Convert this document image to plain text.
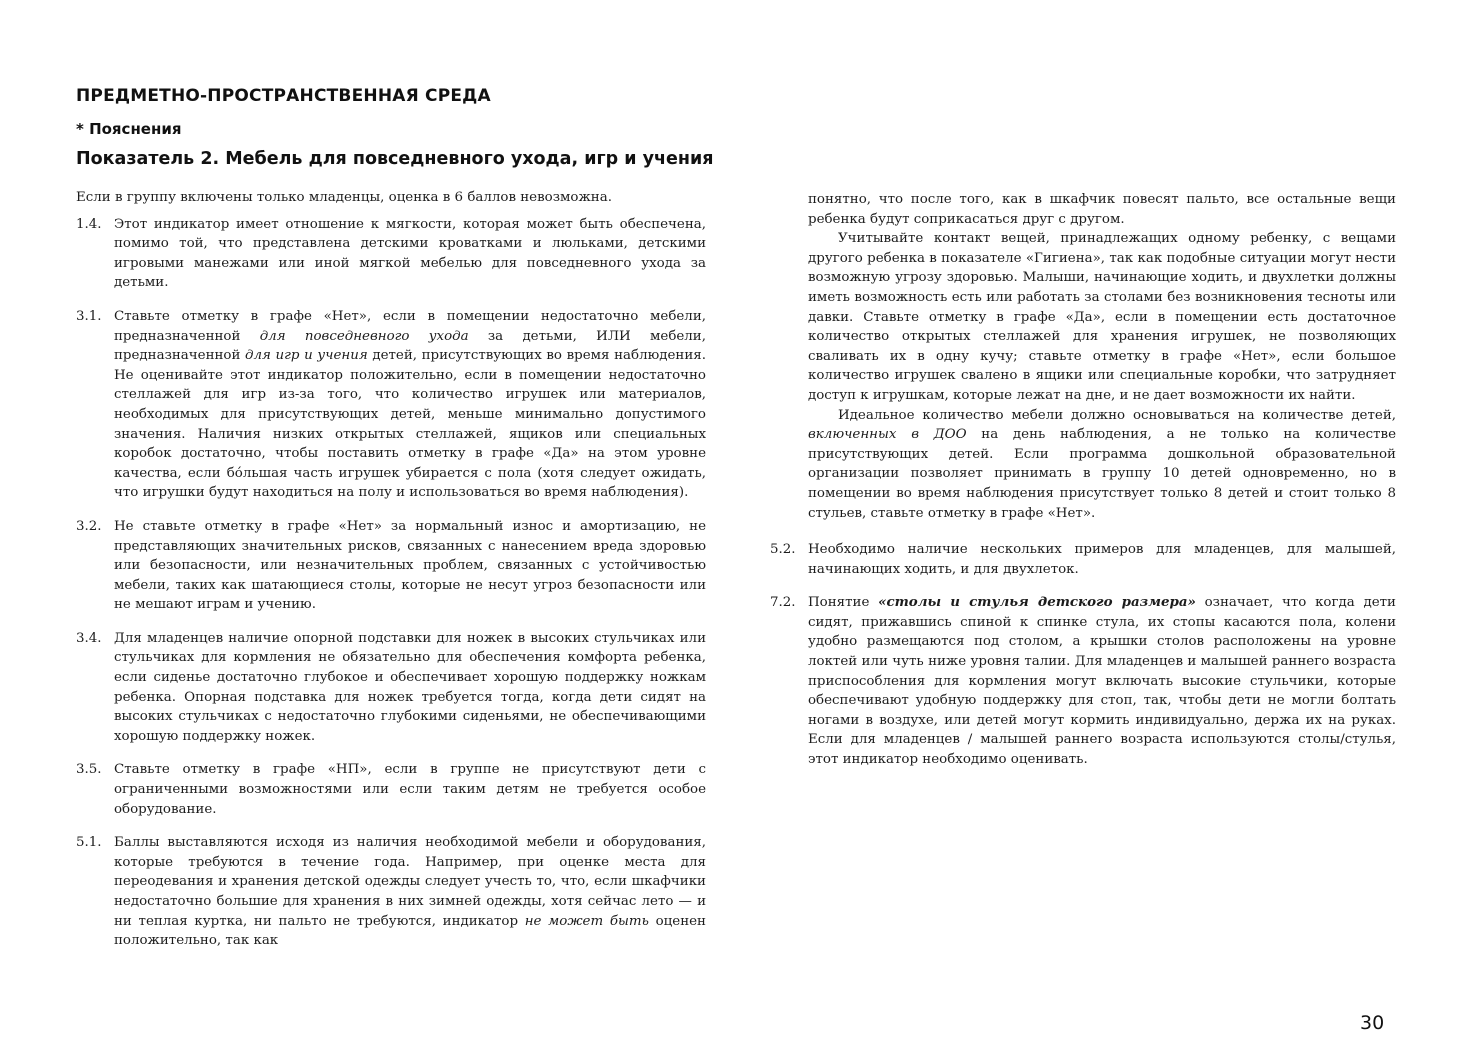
ПРЕДМЕТНО-ПРОСТРАНСТВЕННАЯ СРЕДА
* Пояснения
Показатель 2. Мебель для повседневного ухода, игр и учения

Если в группу включены только младенцы, оценка в 6 баллов невозможна.

1.4. Этот индикатор имеет отношение к мягкости, которая может быть обеспечена, помимо той, что представлена детскими кроватками и люльками, детскими игровыми манежами или иной мягкой мебелью для повседневного ухода за детьми.

3.1. Ставьте отметку в графе «Нет», если в помещении недостаточно мебели, предназначенной для повседневного ухода за детьми, ИЛИ мебели, предназначенной для игр и учения детей, присутствующих во время наблюдения. Не оценивайте этот индикатор положительно, если в помещении недостаточно стеллажей для игр из-за того, что количество игрушек или материалов, необходимых для присутствующих детей, меньше минимально допустимого значения. Наличия низких открытых стеллажей, ящиков или специальных коробок достаточно, чтобы поставить отметку в графе «Да» на этом уровне качества, если бо́льшая часть игрушек убирается с пола (хотя следует ожидать, что игрушки будут находиться на полу и использоваться во время наблюдения).

3.2. Не ставьте отметку в графе «Нет» за нормальный износ и амортизацию, не представляющих значительных рисков, связанных с нанесением вреда здоровью или безопасности, или незначительных проблем, связанных с устойчивостью мебели, таких как шатающиеся столы, которые не несут угроз безопасности или не мешают играм и учению.

3.4. Для младенцев наличие опорной подставки для ножек в высоких стульчиках или стульчиках для кормления не обязательно для обеспечения комфорта ребенка, если сиденье достаточно глубокое и обеспечивает хорошую поддержку ножкам ребенка. Опорная подставка для ножек требуется тогда, когда дети сидят на высоких стульчиках с недостаточно глубокими сиденьями, не обеспечивающими хорошую поддержку ножек.

3.5. Ставьте отметку в графе «НП», если в группе не присутствуют дети с ограниченными возможностями или если таким детям не требуется особое оборудование.

5.1. Баллы выставляются исходя из наличия необходимой мебели и оборудования, которые требуются в течение года. Например, при оценке места для переодевания и хранения детской одежды следует учесть то, что, если шкафчики недостаточно большие для хранения в них зимней одежды, хотя сейчас лето — и ни теплая куртка, ни пальто не требуются, индикатор не может быть оценен положительно, так как

понятно, что после того, как в шкафчик повесят пальто, все остальные вещи ребенка будут соприкасаться друг с другом.

Учитывайте контакт вещей, принадлежащих одному ребенку, с вещами другого ребенка в показателе «Гигиена», так как подобные ситуации могут нести возможную угрозу здоровью. Малыши, начинающие ходить, и двухлетки должны иметь возможность есть или работать за столами без возникновения тесноты или давки. Ставьте отметку в графе «Да», если в помещении есть достаточное количество открытых стеллажей для хранения игрушек, не позволяющих сваливать их в одну кучу; ставьте отметку в графе «Нет», если большое количество игрушек свалено в ящики или специальные коробки, что затрудняет доступ к игрушкам, которые лежат на дне, и не дает возможности их найти.

Идеальное количество мебели должно основываться на количестве детей, включенных в ДОО на день наблюдения, а не только на количестве присутствующих детей. Если программа дошкольной образовательной организации позволяет принимать в группу 10 детей одновременно, но в помещении во время наблюдения присутствует только 8 детей и стоит только 8 стульев, ставьте отметку в графе «Нет».

5.2. Необходимо наличие нескольких примеров для младенцев, для малышей, начинающих ходить, и для двухлеток.

7.2. Понятие «столы и стулья детского размера» означает, что когда дети сидят, прижавшись спиной к спинке стула, их стопы касаются пола, колени удобно размещаются под столом, а крышки столов расположены на уровне локтей или чуть ниже уровня талии. Для младенцев и малышей раннего возраста приспособления для кормления могут включать высокие стульчики, которые обеспечивают удобную поддержку для стоп, так, чтобы дети не могли болтать ногами в воздухе, или детей могут кормить индивидуально, держа их на руках. Если для младенцев / малышей раннего возраста используются столы/стулья, этот индикатор необходимо оценивать.

30
